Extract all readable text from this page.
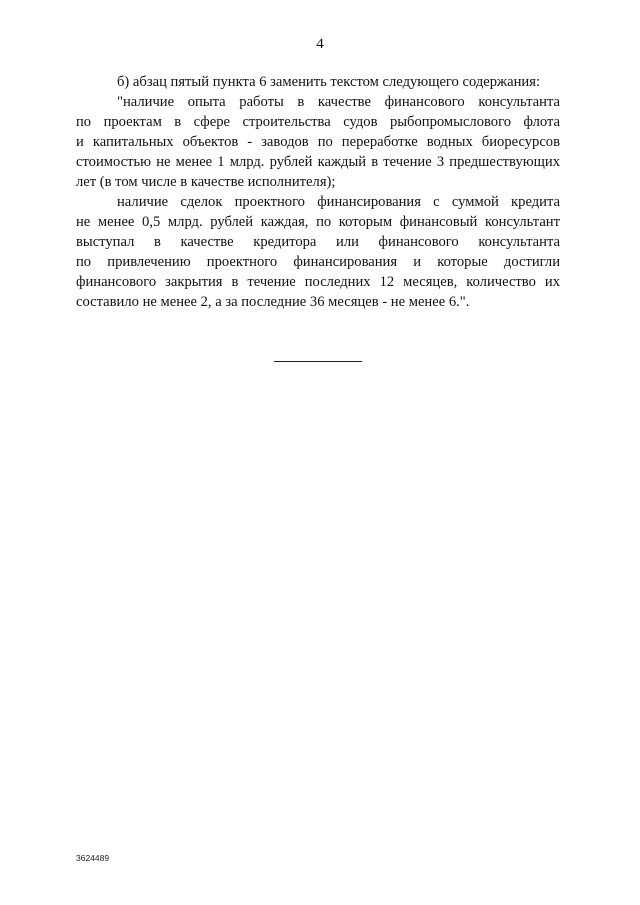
4
б) абзац пятый пункта 6 заменить текстом следующего содержания:
"наличие опыта работы в качестве финансового консультанта
по проектам в сфере строительства судов рыбопромыслового флота
и капитальных объектов - заводов по переработке водных биоресурсов
стоимостью не менее 1 млрд. рублей каждый в течение 3 предшествующих
лет (в том числе в качестве исполнителя);
наличие сделок проектного финансирования с суммой кредита
не менее 0,5 млрд. рублей каждая, по которым финансовый консультант
выступал в качестве кредитора или финансового консультанта
по привлечению проектного финансирования и которые достигли
финансового закрытия в течение последних 12 месяцев, количество их
составило не менее 2, а за последние 36 месяцев - не менее 6.".
3624489
